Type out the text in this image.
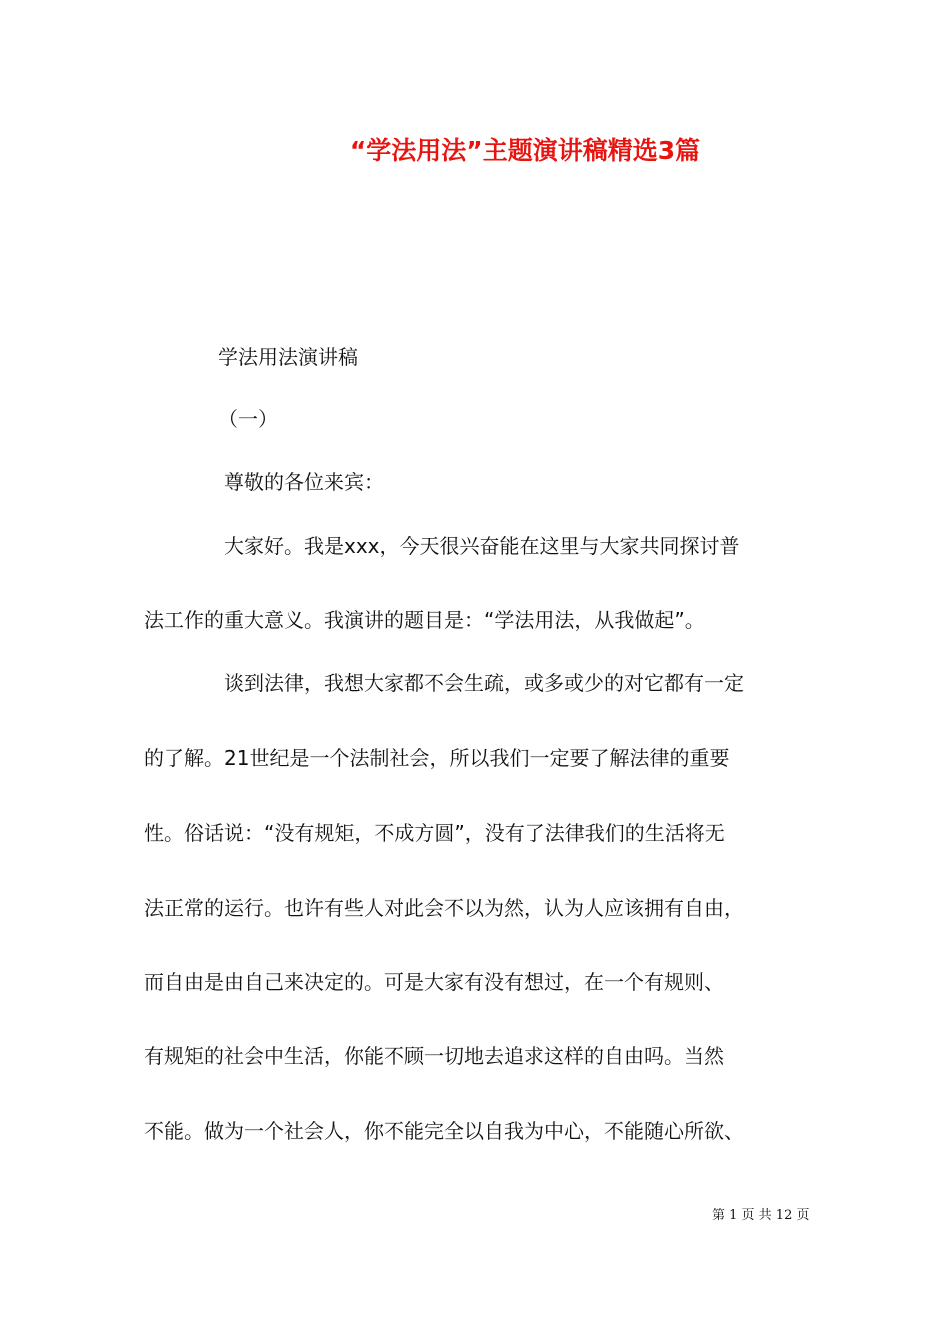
“学法用法”主题演讲稿精选3篇
学法用法演讲稿
（一）
尊敬的各位来宾：
大家好。我是xxx，今天很兴奋能在这里与大家共同探讨普
法工作的重大意义。我演讲的题目是：“学法用法，从我做起”。
谈到法律，我想大家都不会生疏，或多或少的对它都有一定
的了解。21世纪是一个法制社会，所以我们一定要了解法律的重要
性。俗话说：“没有规矩，不成方圆”，没有了法律我们的生活将无
法正常的运行。也许有些人对此会不以为然，认为人应该拥有自由，
而自由是由自己来决定的。可是大家有没有想过，在一个有规则、
有规矩的社会中生活，你能不顾一切地去追求这样的自由吗。当然
不能。做为一个社会人，你不能完全以自我为中心，不能随心所欲、
第 1 页 共 12 页
